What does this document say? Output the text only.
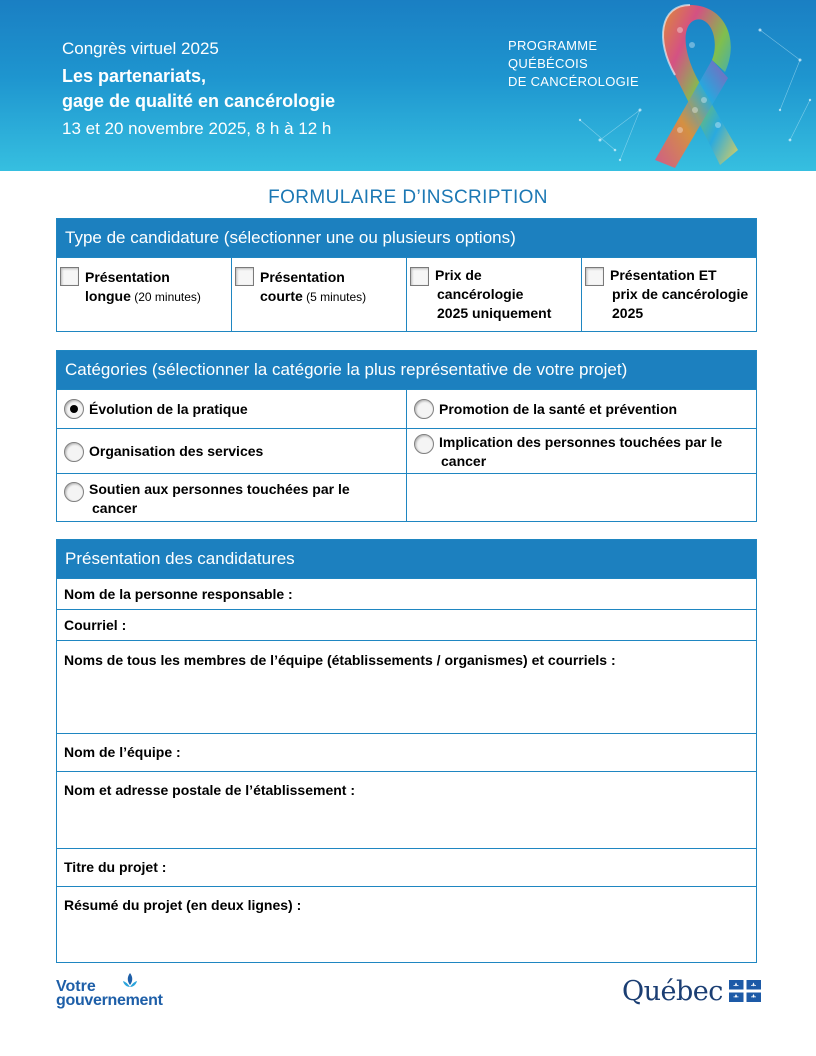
Congrès virtuel 2025
Les partenariats,
gage de qualité en cancérologie
13 et 20 novembre 2025, 8 h à 12 h
PROGRAMME
QUÉBÉCOIS
DE CANCÉROLOGIE
FORMULAIRE D’INSCRIPTION
Type de candidature (sélectionner une ou plusieurs options)
Présentation
longue (20 minutes)
Présentation
courte (5 minutes)
Prix de
cancérologie
2025 uniquement
Présentation ET
prix de cancérologie
2025
Catégories (sélectionner la catégorie la plus représentative de votre projet)
Évolution de la pratique	Promotion de la santé et prévention
Organisation des services
Implication des personnes touchées par le
cancer
Soutien aux personnes touchées par le
cancer
Présentation des candidatures
Nom de la personne responsable :
Courriel :
Noms de tous les membres de l’équipe (établissements / organismes) et courriels :
Nom de l’équipe :
Nom et adresse postale de l’établissement :
Titre du projet :
Résumé du projet (en deux lignes) :
Votre
gouvernement	Québec
